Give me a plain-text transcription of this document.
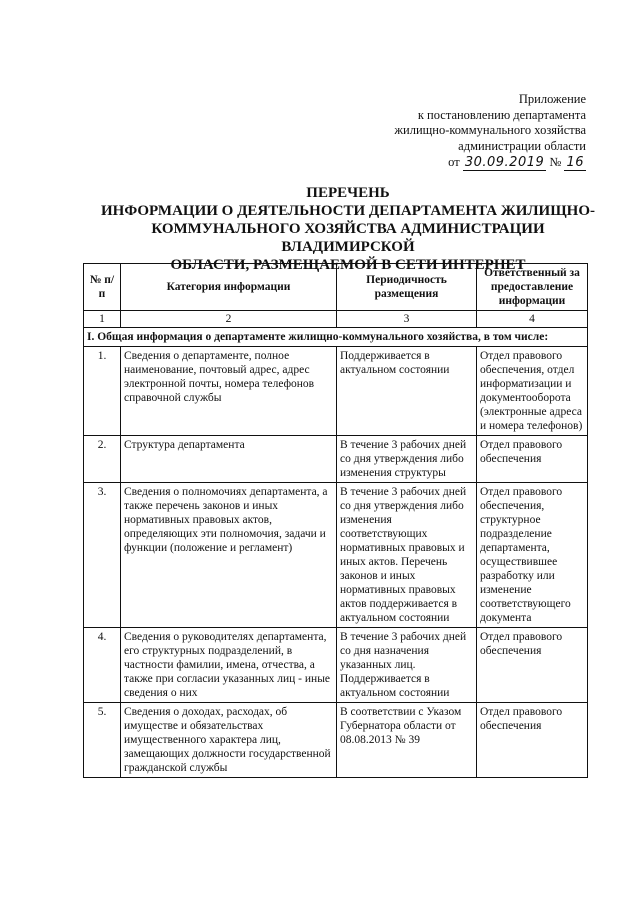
Приложение
к постановлению департамента
жилищно-коммунального хозяйства
администрации области
от 30.09.2019 № 16
ПЕРЕЧЕНЬ
ИНФОРМАЦИИ О ДЕЯТЕЛЬНОСТИ ДЕПАРТАМЕНТА ЖИЛИЩНО-
КОММУНАЛЬНОГО ХОЗЯЙСТВА АДМИНИСТРАЦИИ ВЛАДИМИРСКОЙ
ОБЛАСТИ, РАЗМЕЩАЕМОЙ В СЕТИ ИНТЕРНЕТ
№ п/п	Категория информации	Периодичность размещения	Ответственный за предоставление информации
1	2	3	4
I. Общая информация о департаменте жилищно-коммунального хозяйства, в том числе:			
1.	Сведения о департаменте, полное наименование, почтовый адрес, адрес электронной почты, номера телефонов справочной службы	Поддерживается в актуальном состоянии	Отдел правового обеспечения, отдел информатизации и документооборота (электронные адреса и номера телефонов)
2.	Структура департамента	В течение 3 рабочих дней со дня утверждения либо изменения структуры	Отдел правового обеспечения
3.	Сведения о полномочиях департамента, а также перечень законов и иных нормативных правовых актов, определяющих эти полномочия, задачи и функции (положение и регламент)	В течение 3 рабочих дней со дня утверждения либо изменения соответствующих нормативных правовых и иных актов. Перечень законов и иных нормативных правовых актов поддерживается в актуальном состоянии	Отдел правового обеспечения, структурное подразделение департамента, осуществившее разработку или изменение соответствующего документа
4.	Сведения о руководителях департамента, его структурных подразделений, в частности фамилии, имена, отчества, а также при согласии указанных лиц - иные сведения о них	В течение 3 рабочих дней со дня назначения указанных лиц. Поддерживается в актуальном состоянии	Отдел правового обеспечения
5.	Сведения о доходах, расходах, об имуществе и обязательствах имущественного характера лиц, замещающих должности государственной гражданской службы	В соответствии с Указом Губернатора области от 08.08.2013 № 39	Отдел правового обеспечения
